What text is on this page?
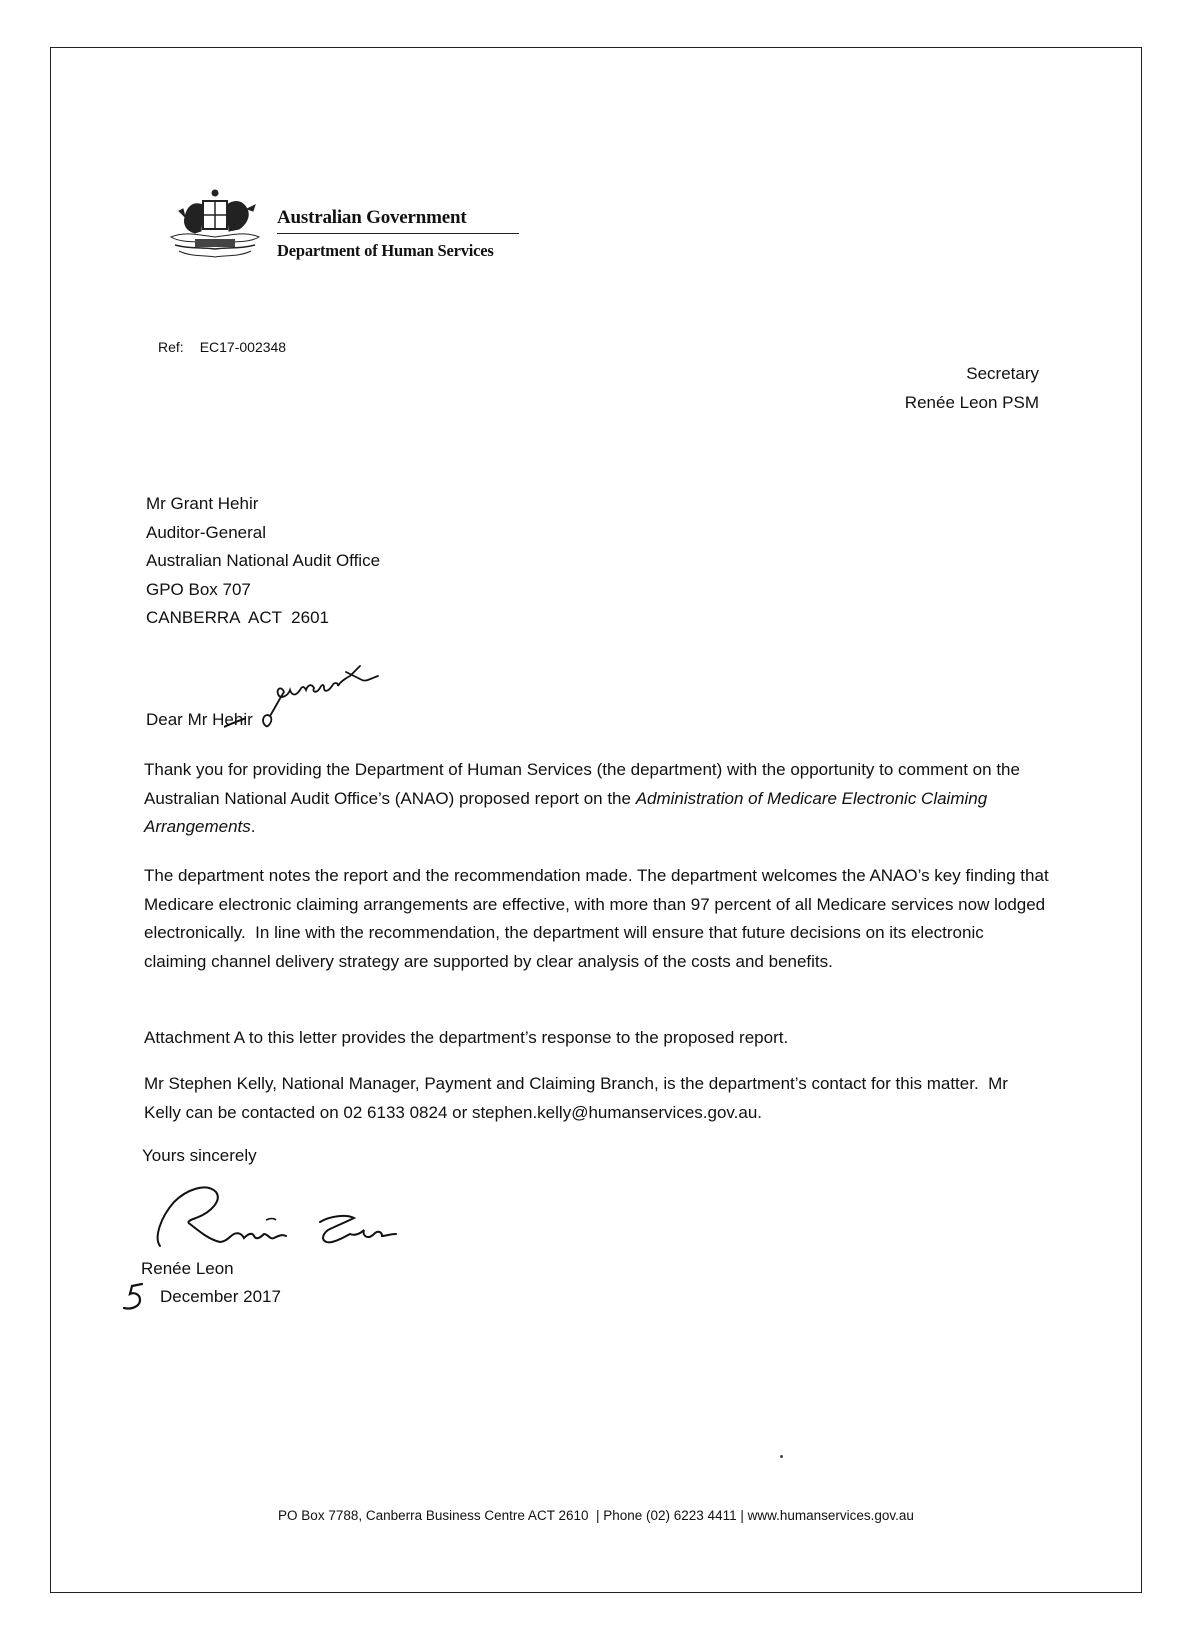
Australian Government
Department of Human Services
Ref: EC17-002348
Secretary
Renée Leon PSM
Mr Grant Hehir
Auditor-General
Australian National Audit Office
GPO Box 707
CANBERRA  ACT  2601
Dear Mr He
hir

Thank you for providing the Department of Human Services (the department) with the opportunity to comment on the Australian National Audit Office’s (ANAO) proposed report on the Administration of Medicare Electronic Claiming Arrangements.

The department notes the report and the recommendation made. The department welcomes the ANAO’s key finding that Medicare electronic claiming arrangements are effective, with more than 97 percent of all Medicare services now lodged electronically.  In line with the recommendation, the department will ensure that future decisions on its electronic claiming channel delivery strategy are supported by clear analysis of the costs and benefits.

Attachment A to this letter provides the department’s response to the proposed report.

Mr Stephen Kelly, National Manager, Payment and Claiming Branch, is the department’s contact for this matter.  Mr Kelly can be contacted on 02 6133 0824 or stephen.kelly@humanservices.gov.au.

Yours sincerely
Renée Leon
December 2017
PO Box 7788, Canberra Business Centre ACT 2610  | Phone (02) 6223 4411 | www.humanservices.gov.au
